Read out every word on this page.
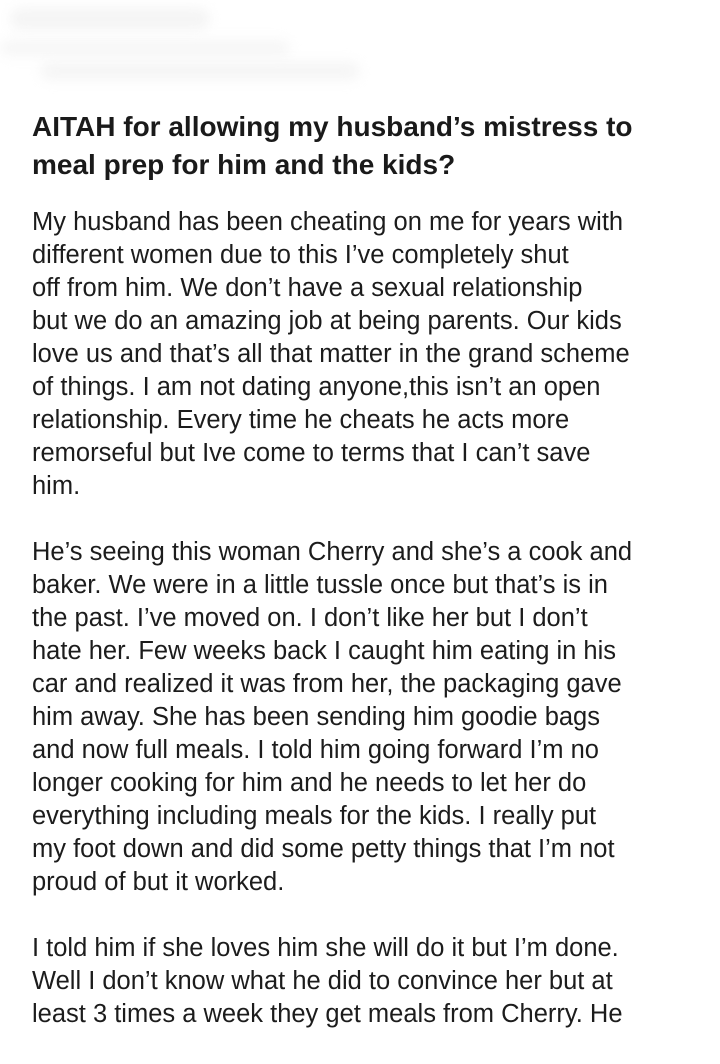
AITAH for allowing my husband’s mistress to meal prep for him and the kids?

My husband has been cheating on me for years with
different women due to this I’ve completely shut
off from him. We don’t have a sexual relationship
but we do an amazing job at being parents. Our kids
love us and that’s all that matter in the grand scheme
of things. I am not dating anyone,this isn’t an open
relationship. Every time he cheats he acts more
remorseful but Ive come to terms that I can’t save
him.

He’s seeing this woman Cherry and she’s a cook and
baker. We were in a little tussle once but that’s is in
the past. I’ve moved on. I don’t like her but I don’t
hate her. Few weeks back I caught him eating in his
car and realized it was from her, the packaging gave
him away. She has been sending him goodie bags
and now full meals. I told him going forward I’m no
longer cooking for him and he needs to let her do
everything including meals for the kids. I really put
my foot down and did some petty things that I’m not
proud of but it worked.

I told him if she loves him she will do it but I’m done.
Well I don’t know what he did to convince her but at
least 3 times a week they get meals from Cherry. He
